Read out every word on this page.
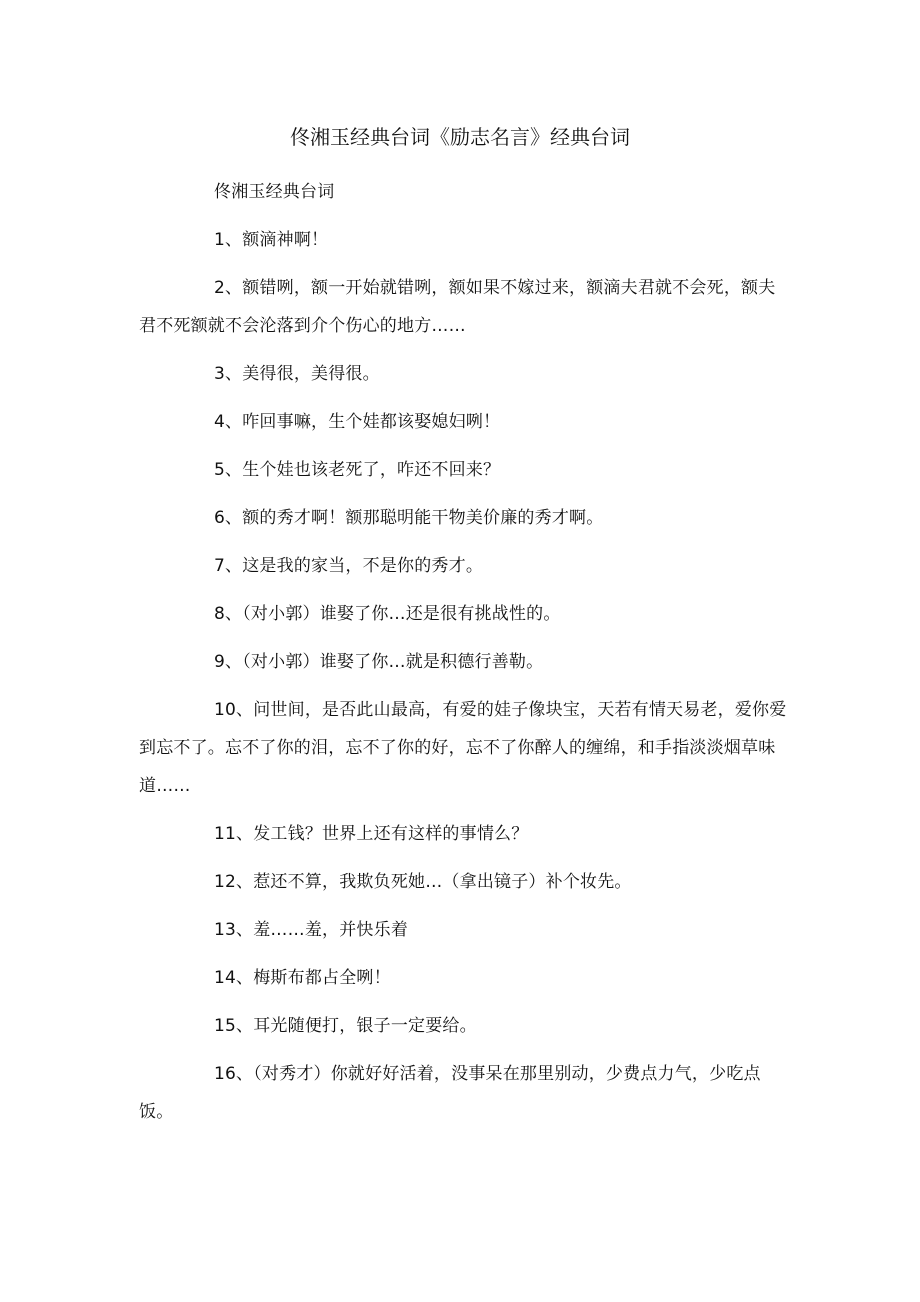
佟湘玉经典台词《励志名言》经典台词

佟湘玉经典台词

1、额滴神啊！

2、额错咧，额一开始就错咧，额如果不嫁过来，额滴夫君就不会死，额夫君不死额就不会沦落到介个伤心的地方……

3、美得很，美得很。

4、咋回事嘛，生个娃都该娶媳妇咧！

5、生个娃也该老死了，咋还不回来？

6、额的秀才啊！额那聪明能干物美价廉的秀才啊。

7、这是我的家当，不是你的秀才。

8、（对小郭）谁娶了你…还是很有挑战性的。

9、（对小郭）谁娶了你…就是积德行善勒。

10、问世间，是否此山最高，有爱的娃子像块宝，天若有情天易老，爱你爱到忘不了。忘不了你的泪，忘不了你的好，忘不了你醉人的缠绵，和手指淡淡烟草味道……

11、发工钱？世界上还有这样的事情么？

12、惹还不算，我欺负死她…（拿出镜子）补个妆先。

13、羞……羞，并快乐着

14、梅斯布都占全咧！

15、耳光随便打，银子一定要给。

16、（对秀才）你就好好活着，没事呆在那里别动，少费点力气，少吃点饭。
